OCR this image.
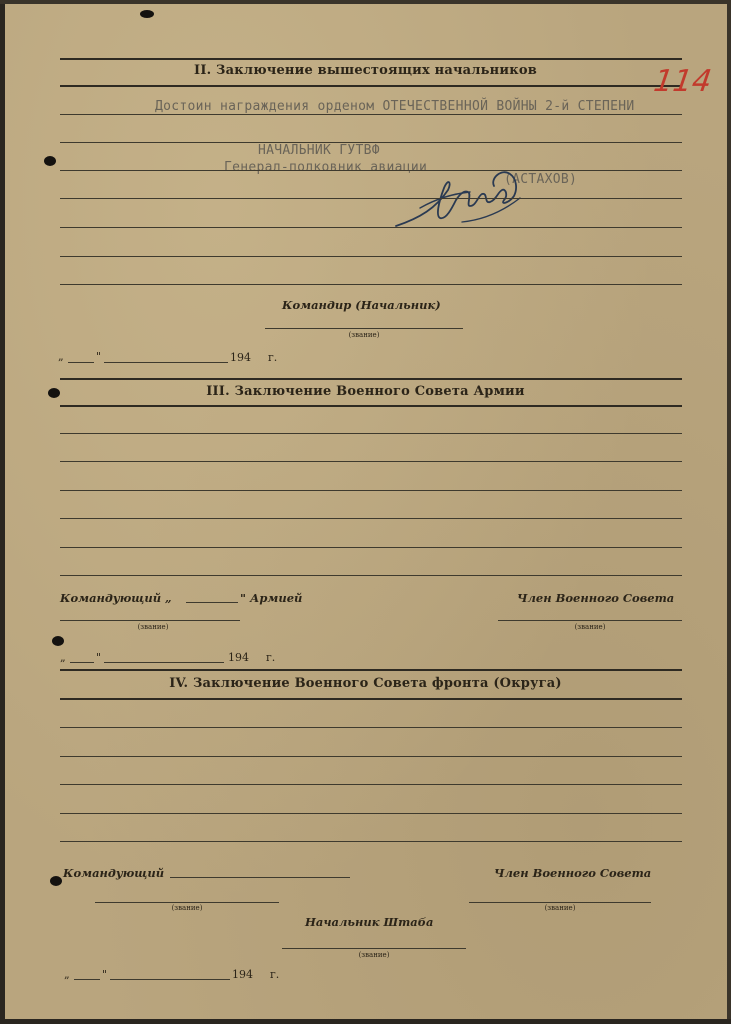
II. Заключение вышестоящих начальников
Достоин награждения орденом ОТЕЧЕСТВЕННОЙ ВОЙНЫ 2-й СТЕПЕНИ
114
НАЧАЛЬНИК ГУТВФ
Генерал-полковник авиации
(АСТАХОВ)
Командир (Начальник)
(звание)
„	"	194 г.
III. Заключение Военного Совета Армии
Командующий „	" Армией	Член Военного Совета
(звание)	(звание)
„	"	194 г.
IV. Заключение Военного Совета фронта (Округа)
Командующий	Член Военного Совета
(звание)	(звание)
Начальник Штаба
(звание)
„	"	194 г.
